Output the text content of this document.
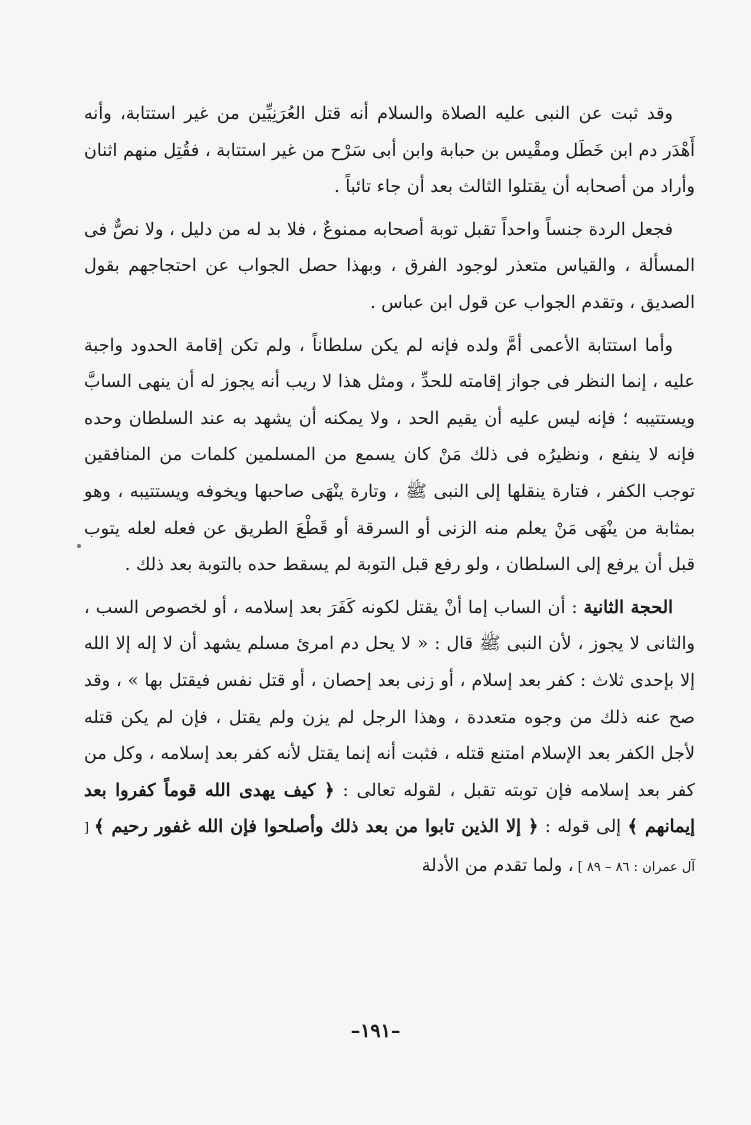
وقد ثبت عن النبى عليه الصلاة والسلام أنه قتل العُرَنِيِّين من غير استتابة، وأنه أَهْدَر دم ابن خَطَل ومقْيس بن حبابة وابن أبى سَرْح من غير استتابة ، فقُتِل منهم اثنان وأراد من أصحابه أن يقتلوا الثالث بعد أن جاء تائباً .

فجعل الردة جنساً واحداً تقبل توبة أصحابه ممنوعٌ ، فلا بد له من دليل ، ولا نصٌّ فى المسألة ، والقياس متعذر لوجود الفرق ، وبهذا حصل الجواب عن احتجاجهم بقول الصديق ، وتقدم الجواب عن قول ابن عباس .

وأما استتابة الأعمى أمَّ ولده فإنه لم يكن سلطاناً ، ولم تكن إقامة الحدود واجبة عليه ، إنما النظر فى جواز إقامته للحدِّ ، ومثل هذا لا ريب أنه يجوز له أن ينهى السابَّ ويستتيبه ؛ فإنه ليس عليه أن يقيم الحد ، ولا يمكنه أن يشهد به عند السلطان وحده فإنه لا ينفع ، ونظيرُه فى ذلك مَنْ كان يسمع من المسلمين كلمات من المنافقين توجب الكفر ، فتارة ينقلها إلى النبى ﷺ ، وتارة ينْهَى صاحبها ويخوفه ويستتيبه ، وهو بمثابة من ينْهَى مَنْ يعلم منه الزنى أو السرقة أو قَطْعَ الطريق عن فعله لعله يتوب قبل أن يرفع إلى السلطان ، ولو رفع قبل التوبة لم يسقط حده بالتوبة بعد ذلك .

الحجة الثانية : أن الساب إما أنْ يقتل لكونه كَفَرَ بعد إسلامه ، أو لخصوص السب ، والثانى لا يجوز ، لأن النبى ﷺ قال : « لا يحل دم امرئ مسلم يشهد أن لا إله إلا الله إلا بإحدى ثلاث : كفر بعد إسلام ، أو زنى بعد إحصان ، أو قتل نفس فيقتل بها » ، وقد صح عنه ذلك من وجوه متعددة ، وهذا الرجل لم يزن ولم يقتل ، فإن لم يكن قتله لأجل الكفر بعد الإسلام امتنع قتله ، فثبت أنه إنما يقتل لأنه كفر بعد إسلامه ، وكل من كفر بعد إسلامه فإن توبته تقبل ، لقوله تعالى : ﴿ كيف يهدى الله قوماً كفروا بعد إيمانهم ﴾ إلى قوله : ﴿ إلا الذين تابوا من بعد ذلك وأصلحوا فإن الله غفور رحيم ﴾ [ آل عمران : ٨٦ – ٨٩ ] ، ولما تقدم من الأدلة

–١٩١–
